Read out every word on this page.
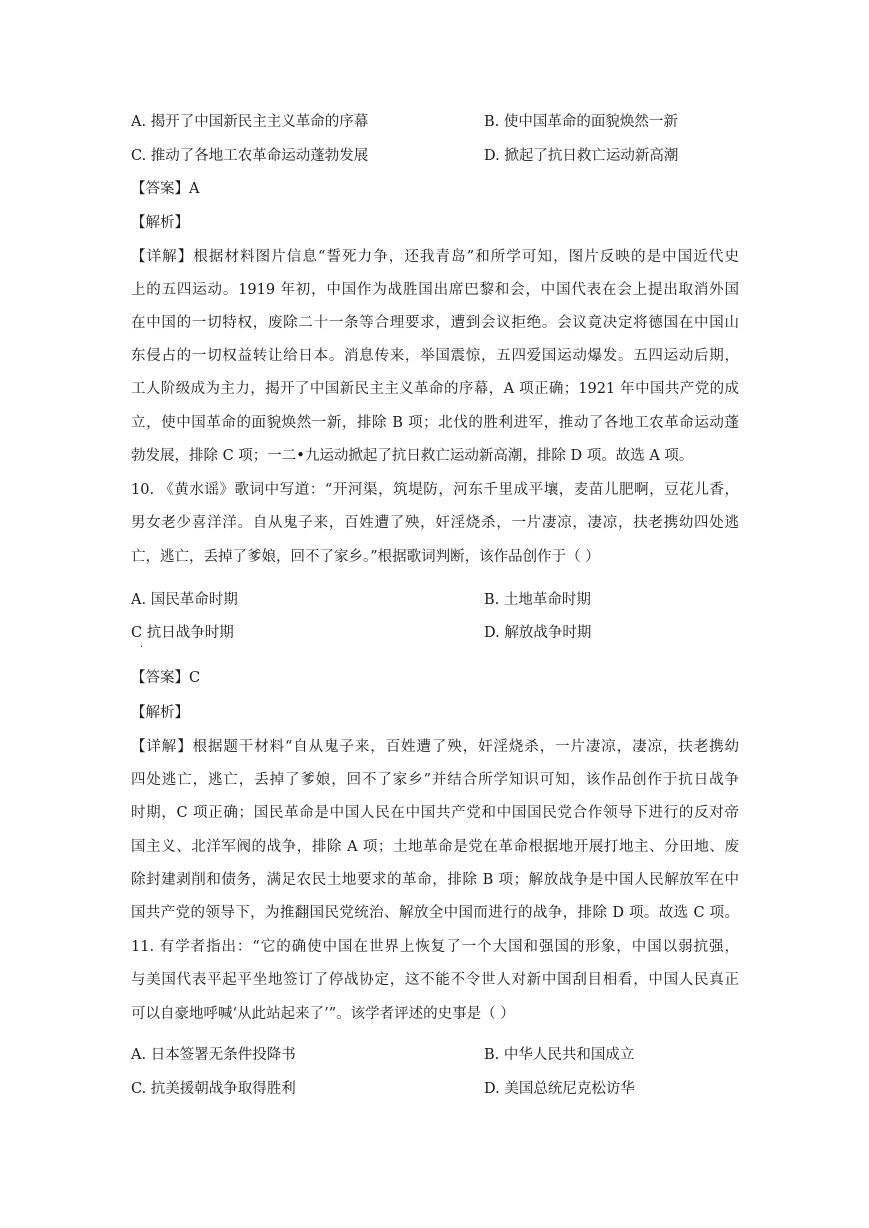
A. 揭开了中国新民主主义革命的序幕	B. 使中国革命的面貌焕然一新
C. 推动了各地工农革命运动蓬勃发展	D. 掀起了抗日救亡运动新高潮
【答案】A
【解析】
【详解】根据材料图片信息“誓死力争，还我青岛”和所学可知，图片反映的是中国近代史
上的五四运动。1919 年初，中国作为战胜国出席巴黎和会，中国代表在会上提出取消外国
在中国的一切特权，废除二十一条等合理要求，遭到会议拒绝。会议竟决定将德国在中国山
东侵占的一切权益转让给日本。消息传来，举国震惊，五四爱国运动爆发。五四运动后期，
工人阶级成为主力，揭开了中国新民主主义革命的序幕，A 项正确；1921 年中国共产党的成
立，使中国革命的面貌焕然一新，排除 B 项；北伐的胜利进军，推动了各地工农革命运动蓬
勃发展，排除 C 项；一二•九运动掀起了抗日救亡运动新高潮，排除 D 项。故选 A 项。
10. 《黄水谣》歌词中写道：“开河渠，筑堤防，河东千里成平壤，麦苗儿肥啊，豆花儿香，
男女老少喜洋洋。自从鬼子来，百姓遭了殃，奸淫烧杀，一片凄凉，凄凉，扶老携幼四处逃
亡，逃亡，丢掉了爹娘，回不了家乡。”根据歌词判断，该作品创作于（ ）
A. 国民革命时期	B. 土地革命时期
C 抗日战争时期	D. 解放战争时期
·
【答案】C
【解析】
【详解】根据题干材料“自从鬼子来，百姓遭了殃，奸淫烧杀，一片凄凉，凄凉，扶老携幼
四处逃亡，逃亡，丢掉了爹娘，回不了家乡”并结合所学知识可知，该作品创作于抗日战争
时期，C 项正确；国民革命是中国人民在中国共产党和中国国民党合作领导下进行的反对帝
国主义、北洋军阀的战争，排除 A 项；土地革命是党在革命根据地开展打地主、分田地、废
除封建剥削和债务，满足农民土地要求的革命，排除 B 项；解放战争是中国人民解放军在中
国共产党的领导下，为推翻国民党统治、解放全中国而进行的战争，排除 D 项。故选 C 项。
11. 有学者指出：“它的确使中国在世界上恢复了一个大国和强国的形象，中国以弱抗强，
与美国代表平起平坐地签订了停战协定，这不能不令世人对新中国刮目相看，中国人民真正
可以自豪地呼喊‘从此站起来了’”。该学者评述的史事是（ ）
A. 日本签署无条件投降书	B. 中华人民共和国成立
C. 抗美援朝战争取得胜利	D. 美国总统尼克松访华
